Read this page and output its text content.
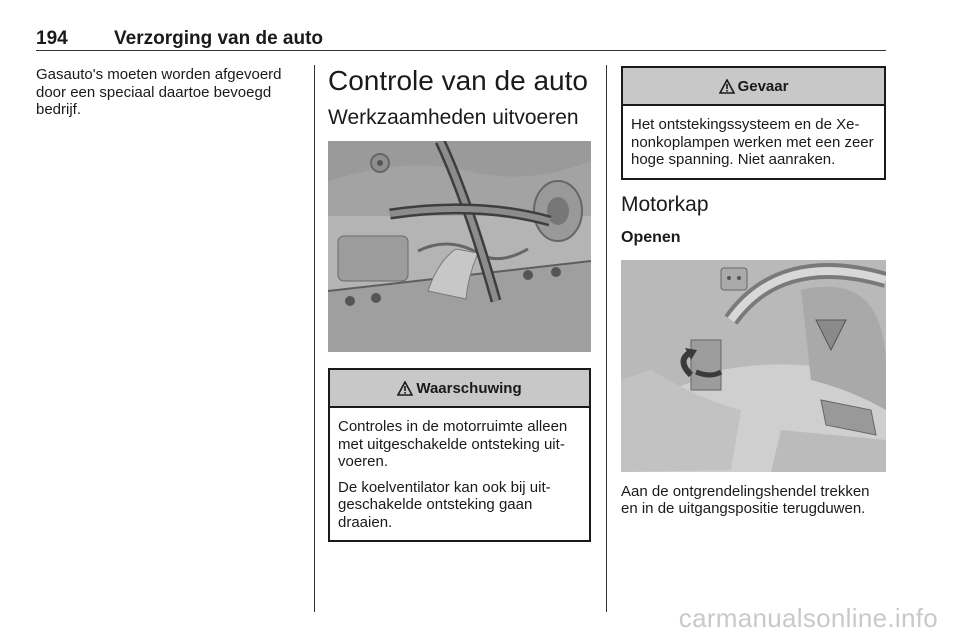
194 Verzorging van de auto

Gasauto's moeten worden afgevoerd door een speciaal daartoe bevoegd bedrijf.

Controle van de auto
Werkzaamheden uitvoeren
Waarschuwing

Controles in de motorruimte alleen met uitgeschakelde ontsteking uitvoeren.

De koelventilator kan ook bij uitgeschakelde ontsteking gaan draaien.

Gevaar

Het ontstekingssysteem en de Xenonkoplampen werken met een zeer hoge spanning. Niet aanraken.

Motorkap
Openen

Aan de ontgrendelingshendel trekken en in de uitgangspositie terugduwen.

carmanualsonline.info
